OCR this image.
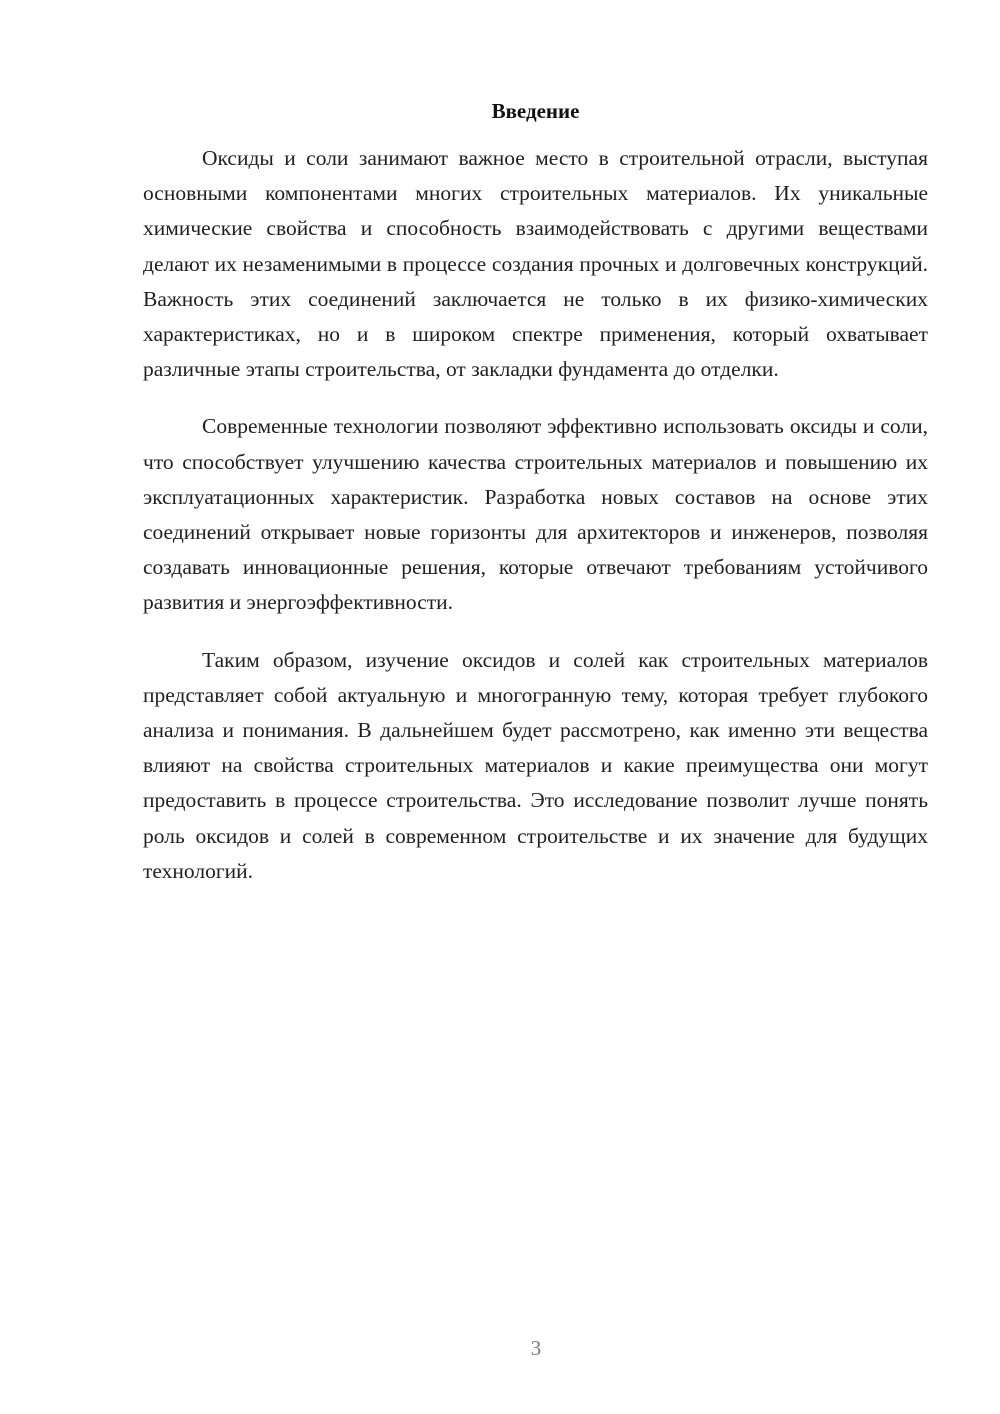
Введение

Оксиды и соли занимают важное место в строительной отрасли, выступая основными компонентами многих строительных материалов. Их уникальные химические свойства и способность взаимодействовать с другими веществами делают их незаменимыми в процессе создания прочных и долговечных конструкций. Важность этих соединений заключается не только в их физико-химических характеристиках, но и в широком спектре применения, который охватывает различные этапы строительства, от закладки фундамента до отделки.

Современные технологии позволяют эффективно использовать оксиды и соли, что способствует улучшению качества строительных материалов и повышению их эксплуатационных характеристик. Разработка новых составов на основе этих соединений открывает новые горизонты для архитекторов и инженеров, позволяя создавать инновационные решения, которые отвечают требованиям устойчивого развития и энергоэффективности.

Таким образом, изучение оксидов и солей как строительных материалов представляет собой актуальную и многогранную тему, которая требует глубокого анализа и понимания. В дальнейшем будет рассмотрено, как именно эти вещества влияют на свойства строительных материалов и какие преимущества они могут предоставить в процессе строительства. Это исследование позволит лучше понять роль оксидов и солей в современном строительстве и их значение для будущих технологий.

3
